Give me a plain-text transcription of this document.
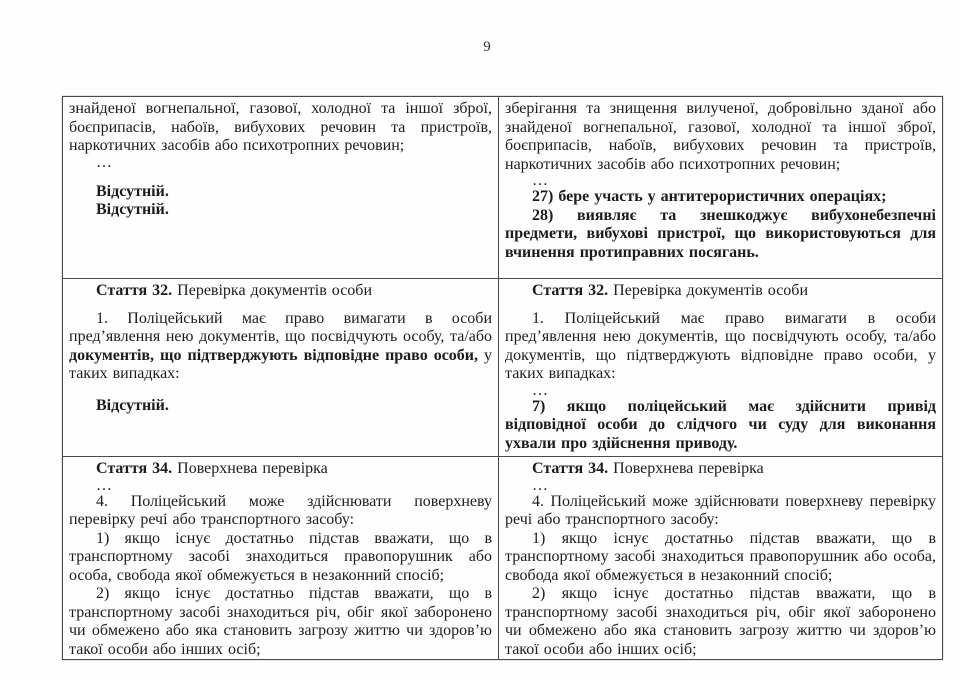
9

знайденої вогнепальної, газової, холодної та іншої зброї, боєприпасів, набоїв, вибухових речовин та пристроїв, наркотичних засобів або психотропних речовин;

…

Відсутній.

Відсутній.

зберігання та знищення вилученої, добровільно зданої або знайденої вогнепальної, газової, холодної та іншої зброї, боєприпасів, набоїв, вибухових речовин та пристроїв, наркотичних засобів або психотропних речовин;

…

27) бере участь у антитерористичних операціях;

28) виявляє та знешкоджує вибухонебезпечні предмети, вибухові пристрої, що використовуються для вчинення протиправних посягань.

Стаття 32. Перевірка документів особи

1. Поліцейський має право вимагати в особи пред’явлення нею документів, що посвідчують особу, та/або документів, що підтверджують відповідне право особи, у таких випадках:

Відсутній.

Стаття 32. Перевірка документів особи

1. Поліцейський має право вимагати в особи пред’явлення нею документів, що посвідчують особу, та/або документів, що підтверджують відповідне право особи, у таких випадках:

…

7) якщо поліцейський має здійснити привід відповідної особи до слідчого чи суду для виконання ухвали про здійснення приводу.

Стаття 34. Поверхнева перевірка

…

4. Поліцейський може здійснювати поверхневу перевірку речі або транспортного засобу:

1) якщо існує достатньо підстав вважати, що в транспортному засобі знаходиться правопорушник або особа, свобода якої обмежується в незаконний спосіб;

2) якщо існує достатньо підстав вважати, що в транспортному засобі знаходиться річ, обіг якої заборонено чи обмежено або яка становить загрозу життю чи здоров’ю такої особи або інших осіб;

Стаття 34. Поверхнева перевірка

…

4. Поліцейський може здійснювати поверхневу перевірку речі або транспортного засобу:

1) якщо існує достатньо підстав вважати, що в транспортному засобі знаходиться правопорушник або особа, свобода якої обмежується в незаконний спосіб;

2) якщо існує достатньо підстав вважати, що в транспортному засобі знаходиться річ, обіг якої заборонено чи обмежено або яка становить загрозу життю чи здоров’ю такої особи або інших осіб;
